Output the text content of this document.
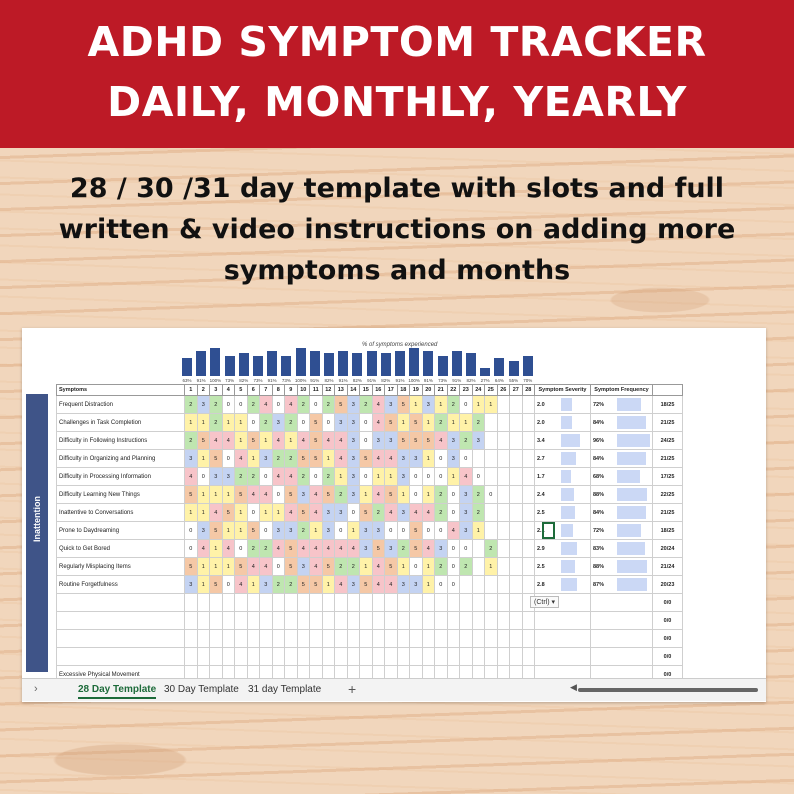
ADHD SYMPTOM TRACKER
DAILY, MONTHLY, YEARLY
28 / 30 /31 day template with slots and full written & video instructions on adding more symptoms and months
% of symptoms experienced
63%	91% 100% 73%	82%	73%	91%	73% 100% 91%	82%	91%	82%	91%	82%	91% 100% 91%	73%	91%	82%	27%	64%	55%	70%
Inattention
Symptoms	1	2	3	4	5	6	7	8	9	10	11	12	13	14	15	16	17	18	19	20	21	22	23	24	25	26	27	28	Symptom Severity	Symptom Frequency	
Frequent Distraction	2	3	2	0	0	2	4	0	4	2	0	2	5	3	2	4	3	5	1	3	1	2	0	1	1				2.0	72%	18/25
Challenges in Task Completion	1	1	2	1	1	0	2	3	2	0	5	0	3	3	0	4	5	1	5	1	2	1	1	2					2.0	84%	21/25
Difficulty in Following Instructions	2	5	4	4	1	5	1	4	1	4	5	4	4	3	0	3	3	5	5	5	4	3	2	3					3.4	96%	24/25
Difficulty in Organizing and Planning	3	1	5	0	4	1	3	2	2	5	5	1	4	3	5	4	4	3	3	1	0	3	0						2.7	84%	21/25
Difficulty in Processing Information	4	0	3	3	2	2	0	4	4	2	0	2	1	3	0	1	1	3	0	0	0	1	4	0					1.7	68%	17/25
Difficulty Learning New Things	5	1	1	1	5	4	4	0	5	3	4	5	2	3	1	4	5	1	0	1	2	0	3	2	0				2.4	88%	22/25
Inattentive to Conversations	1	1	4	5	1	0	1	1	4	5	4	3	3	0	5	2	4	3	4	4	2	0	3	2					2.5	84%	21/25
Prone to Daydreaming	0	3	5	1	1	5	0	3	3	2	1	3	0	1	3	3	0	0	5	0	0	4	3	1					2.1	72%	18/25
Quick to Get Bored	0	4	1	4	0	2	2	4	5	4	4	4	4	4	3	5	3	2	5	4	3	0	0		2				2.9	83%	20/24
Regularly Misplacing Items	5	1	1	1	5	4	4	0	5	3	4	5	2	2	1	4	5	1	0	1	2	0	2		1				2.5	88%	21/24
Routine Forgetfulness	3	1	5	0	4	1	3	2	2	5	5	1	4	3	5	4	4	3	3	1	0	0							2.8	87%	20/23
																															0/0
																															0/0
																															0/0
																															0/0
Excessive Physical Movement																															0/0
(Ctrl) ▾
›	28 Day Template 30 Day Template 31 day Template +	◀
